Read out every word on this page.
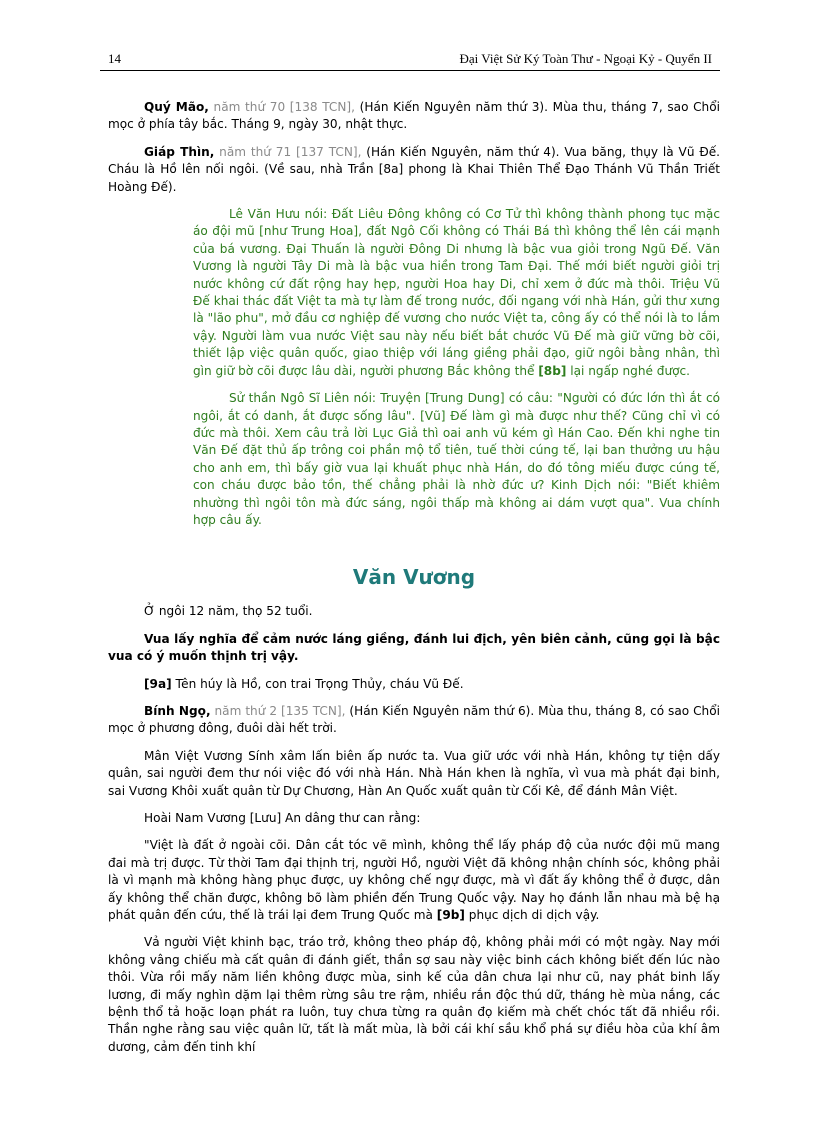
14	Đại Việt Sử Ký Toàn Thư - Ngoại Kỷ - Quyển II

Quý Mão, năm thứ 70 [138 TCN], (Hán Kiến Nguyên năm thứ 3). Mùa thu, tháng 7, sao Chổi mọc ở phía tây bắc. Tháng 9, ngày 30, nhật thực.

Giáp Thìn, năm thứ 71 [137 TCN], (Hán Kiến Nguyên, năm thứ 4). Vua băng, thụy là Vũ Đế. Cháu là Hồ lên nối ngôi. (Về sau, nhà Trần [8a] phong là Khai Thiên Thể Đạo Thánh Vũ Thần Triết Hoàng Đế).

Lê Văn Hưu nói: Đất Liêu Đông không có Cơ Tử thì không thành phong tục mặc áo đội mũ [như Trung Hoa], đất Ngô Cối không có Thái Bá thì không thể lên cái mạnh của bá vương. Đại Thuấn là người Đông Di nhưng là bậc vua giỏi trong Ngũ Đế. Văn Vương là người Tây Di mà là bậc vua hiền trong Tam Đại. Thế mới biết người giỏi trị nước không cứ đất rộng hay hẹp, người Hoa hay Di, chỉ xem ở đức mà thôi. Triệu Vũ Đế khai thác đất Việt ta mà tự làm đế trong nước, đối ngang với nhà Hán, gửi thư xưng là "lão phu", mở đầu cơ nghiệp đế vương cho nước Việt ta, công ấy có thể nói là to lắm vậy. Người làm vua nước Việt sau này nếu biết bắt chước Vũ Đế mà giữ vững bờ cõi, thiết lập việc quân quốc, giao thiệp với láng giềng phải đạo, giữ ngôi bằng nhân, thì gìn giữ bờ cõi được lâu dài, người phương Bắc không thể [8b] lại ngấp nghé được.

Sử thần Ngô Sĩ Liên nói: Truyện [Trung Dung] có câu: "Người có đức lớn thì ắt có ngôi, ắt có danh, ắt được sống lâu". [Vũ] Đế làm gì mà được như thế? Cũng chỉ vì có đức mà thôi. Xem câu trả lời Lục Giả thì oai anh vũ kém gì Hán Cao. Đến khi nghe tin Văn Đế đặt thủ ấp trông coi phần mộ tổ tiên, tuế thời cúng tế, lại ban thưởng ưu hậu cho anh em, thì bấy giờ vua lại khuất phục nhà Hán, do đó tông miếu được cúng tế, con cháu được bảo tồn, thế chẳng phải là nhờ đức ư? Kinh Dịch nói: "Biết khiêm nhường thì ngôi tôn mà đức sáng, ngôi thấp mà không ai dám vượt qua". Vua chính hợp câu ấy.

Văn Vương

Ở ngôi 12 năm, thọ 52 tuổi.

Vua lấy nghĩa để cảm nước láng giềng, đánh lui địch, yên biên cảnh, cũng gọi là bậc vua có ý muốn thịnh trị vậy.

[9a] Tên húy là Hồ, con trai Trọng Thủy, cháu Vũ Đế.

Bính Ngọ, năm thứ 2 [135 TCN], (Hán Kiến Nguyên năm thứ 6). Mùa thu, tháng 8, có sao Chổi mọc ở phương đông, đuôi dài hết trời.

Mân Việt Vương Sính xâm lấn biên ấp nước ta. Vua giữ ước với nhà Hán, không tự tiện dấy quân, sai người đem thư nói việc đó với nhà Hán. Nhà Hán khen là nghĩa, vì vua mà phát đại binh, sai Vương Khôi xuất quân từ Dự Chương, Hàn An Quốc xuất quân từ Cối Kê, để đánh Mân Việt.

Hoài Nam Vương [Lưu] An dâng thư can rằng:

"Việt là đất ở ngoài cõi. Dân cắt tóc vẽ mình, không thể lấy pháp độ của nước đội mũ mang đai mà trị được. Từ thời Tam đại thịnh trị, người Hồ, người Việt đã không nhận chính sóc, không phải là vì mạnh mà không hàng phục được, uy không chế ngự được, mà vì đất ấy không thể ở được, dân ấy không thể chăn được, không bõ làm phiền đến Trung Quốc vậy. Nay họ đánh lẫn nhau mà bệ hạ phát quân đến cứu, thế là trái lại đem Trung Quốc mà [9b] phục dịch di dịch vậy.

Vả người Việt khinh bạc, tráo trở, không theo pháp độ, không phải mới có một ngày. Nay mới không vâng chiếu mà cất quân đi đánh giết, thần sợ sau này việc binh cách không biết đến lúc nào thôi. Vừa rồi mấy năm liền không được mùa, sinh kế của dân chưa lại như cũ, nay phát binh lấy lương, đi mấy nghìn dặm lại thêm rừng sâu tre rậm, nhiều rắn độc thú dữ, tháng hè mùa nắng, các bệnh thổ tả hoặc loạn phát ra luôn, tuy chưa từng ra quân đọ kiếm mà chết chóc tất đã nhiều rồi. Thần nghe rằng sau việc quân lữ, tất là mất mùa, là bởi cái khí sầu khổ phá sự điều hòa của khí âm dương, cảm đến tinh khí
